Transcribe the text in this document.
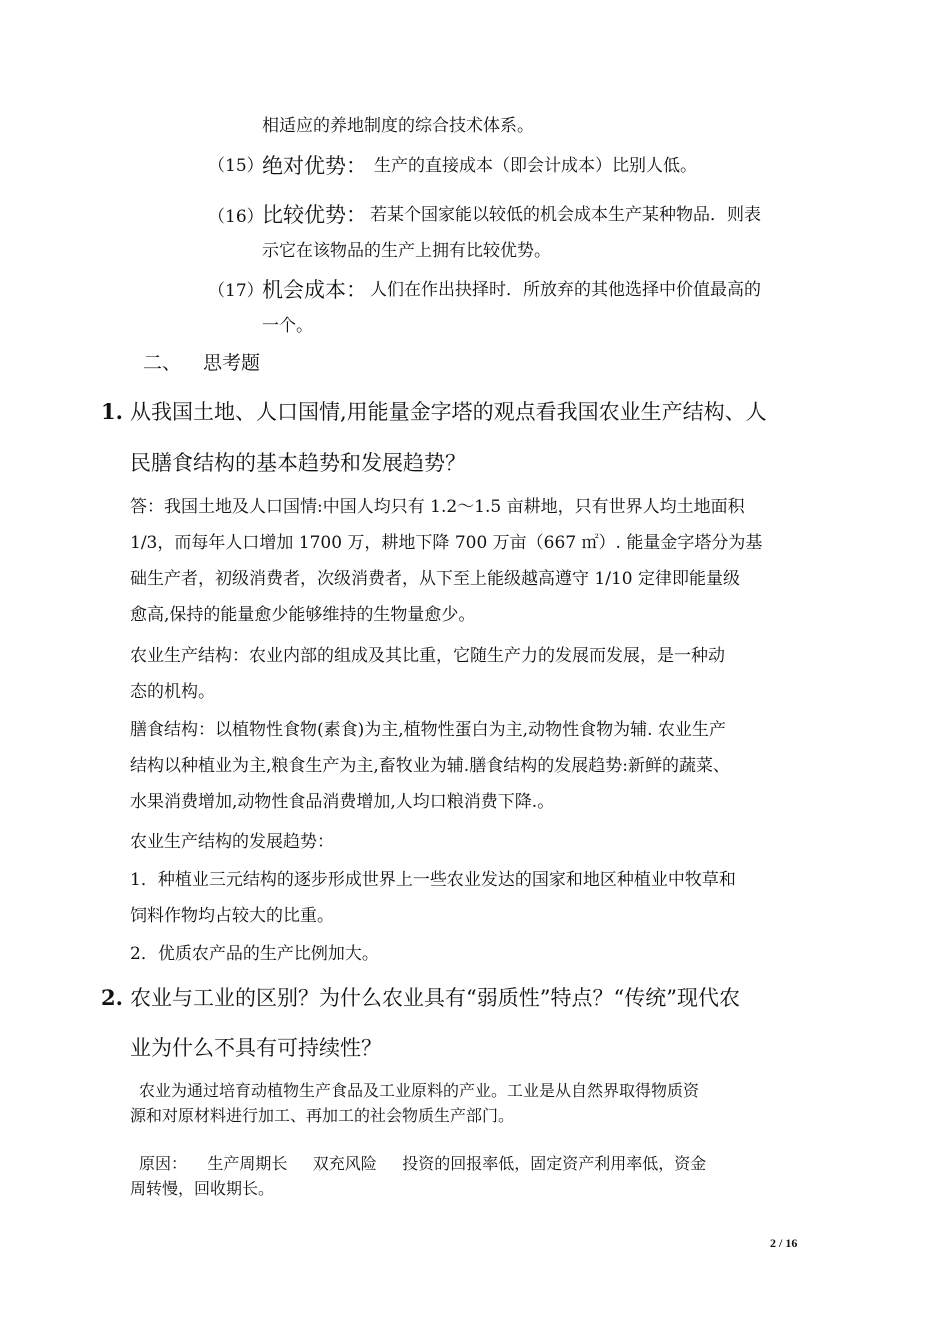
相适应的养地制度的综合技术体系。
（15）
绝对优势： 生产的直接成本（即会计成本）比别人低。
（16）
比较优势： 若某个国家能以较低的机会成本生产某种物品．则表
示它在该物品的生产上拥有比较优势。
（17）
机会成本： 人们在作出抉择时．所放弃的其他选择中价值最高的
一个。
二、 思考题
1. 从我国土地、人口国情,用能量金字塔的观点看我国农业生产结构、人
民膳食结构的基本趋势和发展趋势？
答：我国土地及人口国情:中国人均只有 1.2～1.5 亩耕地，只有世界人均土地面积
1/3，而每年人口增加 1700 万，耕地下降 700 万亩（667 ㎡）. 能量金字塔分为基
础生产者，初级消费者，次级消费者，从下至上能级越高遵守 1/10 定律即能量级
愈高,保持的能量愈少能够维持的生物量愈少。
农业生产结构：农业内部的组成及其比重，它随生产力的发展而发展，是一种动
态的机构。
膳食结构：以植物性食物(素食)为主,植物性蛋白为主,动物性食物为辅. 农业生产
结构以种植业为主,粮食生产为主,畜牧业为辅.膳食结构的发展趋势:新鲜的蔬菜、
水果消费增加,动物性食品消费增加,人均口粮消费下降.。
农业生产结构的发展趋势：
1．种植业三元结构的逐步形成世界上一些农业发达的国家和地区种植业中牧草和
饲料作物均占较大的比重。
2．优质农产品的生产比例加大。
2. 农业与工业的区别？为什么农业具有“弱质性”特点？“传统”现代农
业为什么不具有可持续性？
农业为通过培育动植物生产食品及工业原料的产业。工业是从自然界取得物质资
源和对原材料进行加工、再加工的社会物质生产部门。
原因：    生产周期长     双充风险     投资的回报率低，固定资产利用率低，资金
周转慢，回收期长。
2 / 16
